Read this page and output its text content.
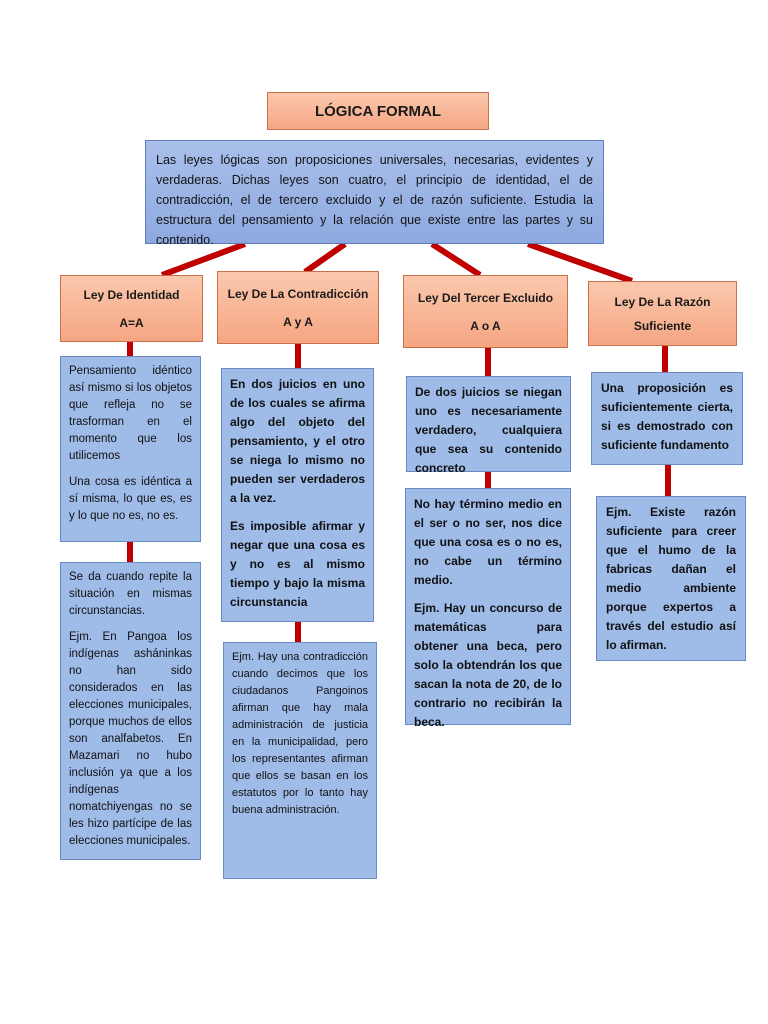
LÓGICA FORMAL
Las leyes lógicas son proposiciones universales, necesarias, evidentes y verdaderas. Dichas leyes son cuatro, el principio de identidad, el de contradicción, el de tercero excluido y el de razón suficiente. Estudia la estructura del pensamiento y la relación que existe entre las partes y su contenido.
Ley De Identidad
A=A

Pensamiento idéntico así mismo si los objetos que refleja no se trasforman en el momento que los utilicemos

Una cosa es idéntica a sí misma, lo que es, es y lo que no es, no es.

Se da cuando repite la situación en mismas circunstancias.

Ejm. En Pangoa los indígenas asháninkas no han sido considerados en las elecciones municipales, porque muchos de ellos son analfabetos. En Mazamari no hubo inclusión ya que a los indígenas nomatchiyengas no se les hizo partícipe de las elecciones municipales.

Ley De La Contradicción
A y A

En dos juicios en uno de los cuales se afirma algo del objeto del pensamiento, y el otro se niega lo mismo no pueden ser verdaderos a la vez.

Es imposible afirmar y negar que una cosa es y no es al mismo tiempo y bajo la misma circunstancia

Ejm. Hay una contradicción cuando decimos que los ciudadanos Pangoinos afirman que hay mala administración de justicia en la municipalidad, pero los representantes afirman que ellos se basan en los estatutos por lo tanto hay buena administración.

Ley Del Tercer Excluido
A o A

De dos juicios se niegan uno es necesariamente verdadero, cualquiera que sea su contenido concreto

No hay término medio en el ser o no ser, nos dice que una cosa es o no es, no cabe un término medio.

Ejm. Hay un concurso de matemáticas para obtener una beca, pero solo la obtendrán los que sacan la nota de 20, de lo contrario no recibirán la beca.

Ley De La Razón
Suficiente

Una proposición es suficientemente cierta, si es demostrado con suficiente fundamento

Ejm. Existe razón suficiente para creer que el humo de la fabricas dañan el medio ambiente porque expertos a través del estudio así lo afirman.
